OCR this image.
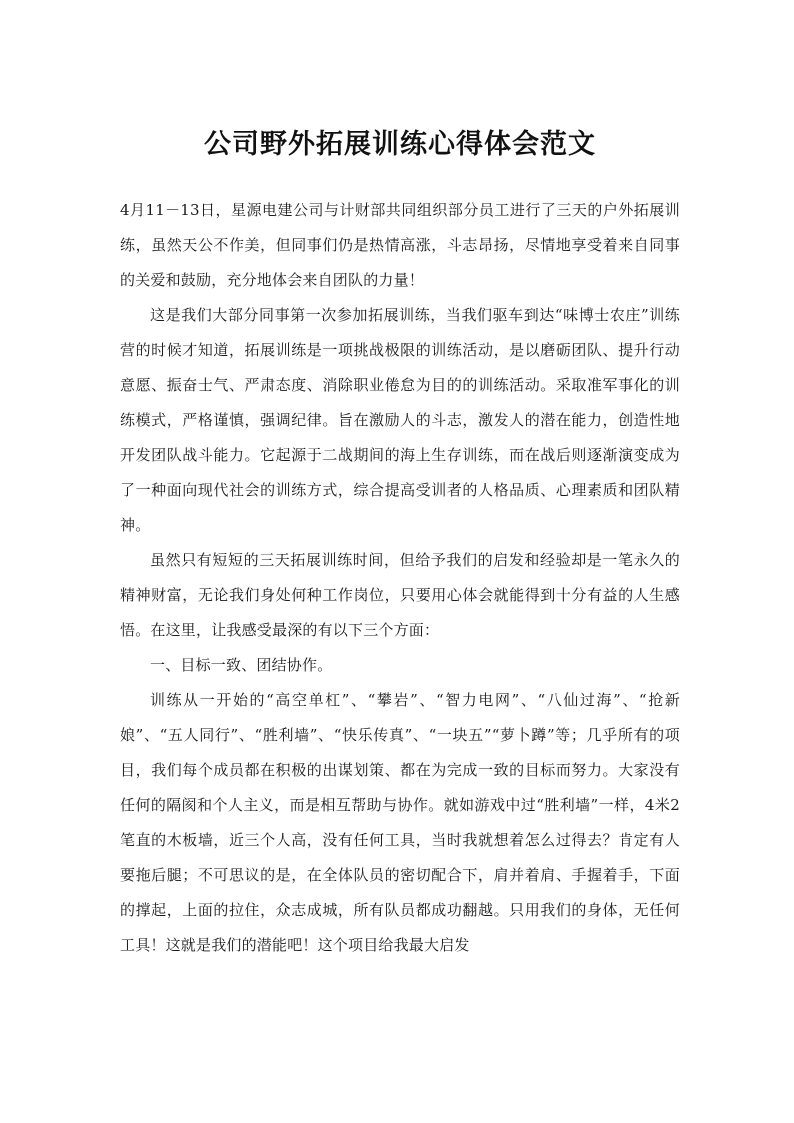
公司野外拓展训练心得体会范文

4月11－13日，星源电建公司与计财部共同组织部分员工进行了三天的户外拓展训练，虽然天公不作美，但同事们仍是热情高涨，斗志昂扬，尽情地享受着来自同事的关爱和鼓励，充分地体会来自团队的力量！

这是我们大部分同事第一次参加拓展训练，当我们驱车到达“味博士农庄”训练营的时候才知道，拓展训练是一项挑战极限的训练活动，是以磨砺团队、提升行动意愿、振奋士气、严肃态度、消除职业倦怠为目的的训练活动。采取准军事化的训练模式，严格谨慎，强调纪律。旨在激励人的斗志，激发人的潜在能力，创造性地开发团队战斗能力。它起源于二战期间的海上生存训练，而在战后则逐渐演变成为了一种面向现代社会的训练方式，综合提高受训者的人格品质、心理素质和团队精神。

虽然只有短短的三天拓展训练时间，但给予我们的启发和经验却是一笔永久的精神财富，无论我们身处何种工作岗位，只要用心体会就能得到十分有益的人生感悟。在这里，让我感受最深的有以下三个方面：

一、目标一致、团结协作。

训练从一开始的“高空单杠”、“攀岩”、“智力电网”、“八仙过海”、“抢新娘”、“五人同行”、“胜利墙”、“快乐传真”、“一块五”“萝卜蹲”等；几乎所有的项目，我们每个成员都在积极的出谋划策、都在为完成一致的目标而努力。大家没有任何的隔阂和个人主义，而是相互帮助与协作。就如游戏中过“胜利墙”一样，4米2笔直的木板墙，近三个人高，没有任何工具，当时我就想着怎么过得去？肯定有人要拖后腿；不可思议的是，在全体队员的密切配合下，肩并着肩、手握着手，下面的撑起，上面的拉住，众志成城，所有队员都成功翻越。只用我们的身体，无任何工具！这就是我们的潜能吧！这个项目给我最大启发
